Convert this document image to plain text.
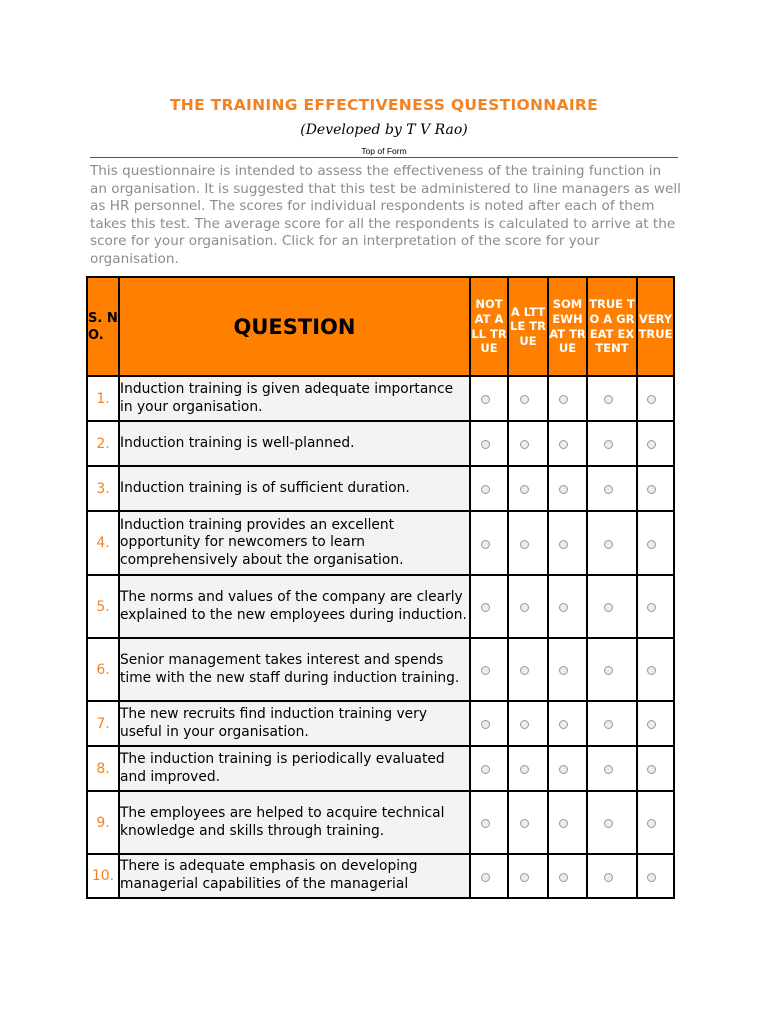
THE TRAINING EFFECTIVENESS QUESTIONNAIRE
(Developed by T V Rao)
Top of Form
This questionnaire is intended to assess the effectiveness of the training function in an organisation. It is suggested that this test be administered to line managers as well as HR personnel. The scores for individual respondents is noted after each of them takes this test. The average score for all the respondents is calculated to arrive at the score for your organisation. Click for an interpretation of the score for your organisation.
S. N O.	QUESTION	NOT AT ALL TRUE	A LTTLE TRUE	SOMEWHAT TRUE	TRUE TO A GREAT EXTENT	VERY TRUE
1.	Induction training is given adequate importance in your organisation.					
2.	Induction training is well-planned.					
3.	Induction training is of sufficient duration.					
4.	Induction training provides an excellent opportunity for newcomers to learn comprehensively about the organisation.					
5.	The norms and values of the company are clearly explained to the new employees during induction.					
6.	Senior management takes interest and spends time with the new staff during induction training.					
7.	The new recruits find induction training very useful in your organisation.					
8.	The induction training is periodically evaluated and improved.					
9.	The employees are helped to acquire technical knowledge and skills through training.					
10.	There is adequate emphasis on developing managerial capabilities of the managerial					
